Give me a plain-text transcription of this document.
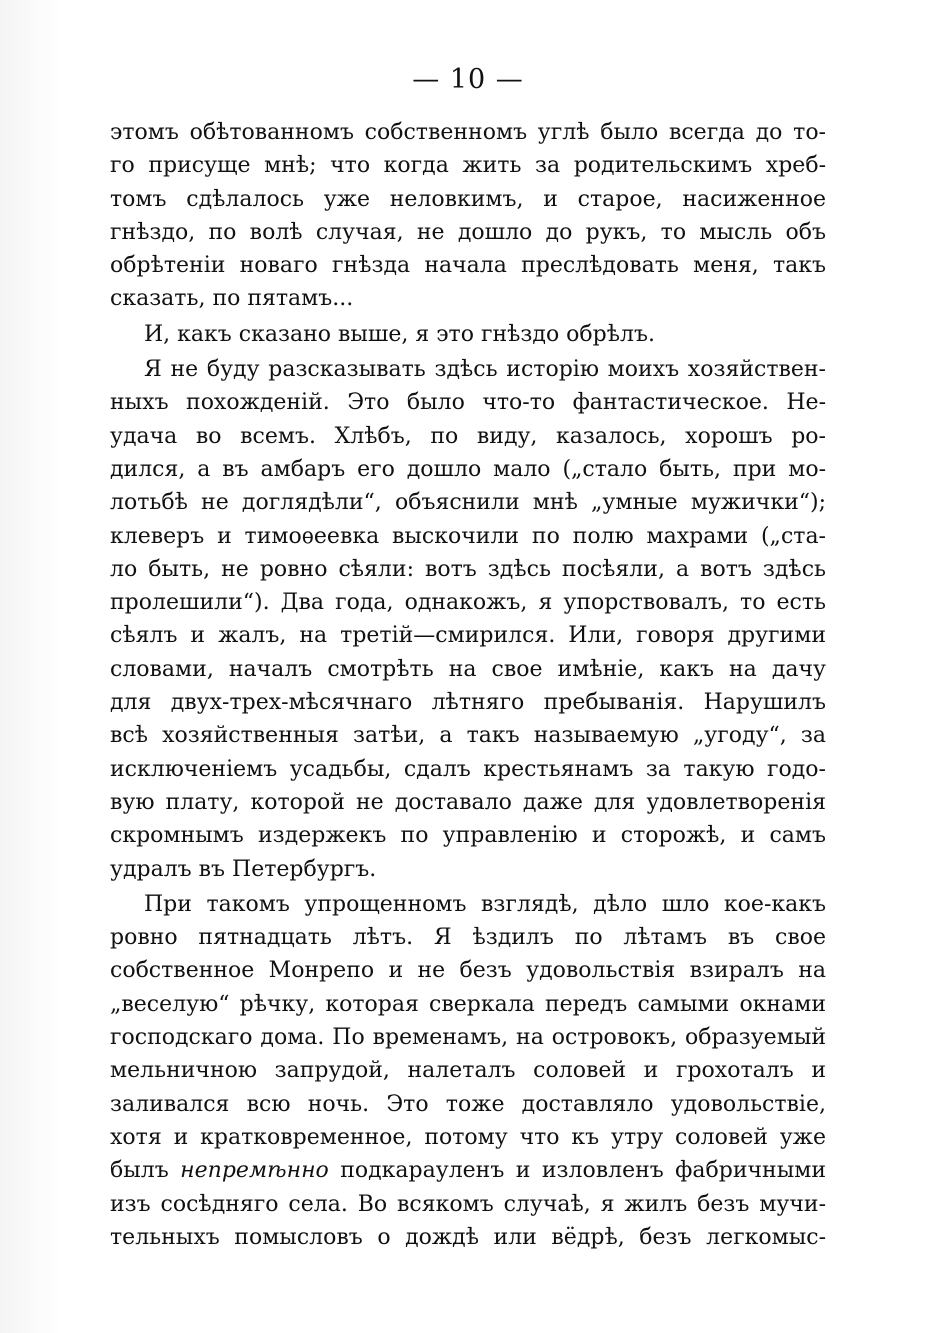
— 10 —
этомъ обѣтованномъ собственномъ углѣ было всегда до то-
го присуще мнѣ; что когда жить за родительскимъ хреб-
томъ сдѣлалось уже неловкимъ, и старое, насиженное
гнѣздо, по волѣ случая, не дошло до рукъ, то мысль объ
обрѣтеніи новаго гнѣзда начала преслѣдовать меня, такъ
сказать, по пятамъ...
И, какъ сказано выше, я это гнѣздо обрѣлъ.
Я не буду разсказывать здѣсь исторію моихъ хозяйствен-
ныхъ похожденій. Это было что-то фантастическое. Не-
удача во всемъ. Хлѣбъ, по виду, казалось, хорошъ ро-
дился, а въ амбаръ его дошло мало („стало быть, при мо-
лотьбѣ не доглядѣли“, объяснили мнѣ „умные мужички“);
клеверъ и тимоѳеевка выскочили по полю махрами („ста-
ло быть, не ровно сѣяли: вотъ здѣсь посѣяли, а вотъ здѣсь
пролешили“). Два года, однакожъ, я упорствовалъ, то есть
сѣялъ и жалъ, на третій—смирился. Или, говоря другими
словами, началъ смотрѣть на свое имѣніе, какъ на дачу
для двух-трех-мѣсячнаго лѣтняго пребыванія. Нарушилъ
всѣ хозяйственныя затѣи, а такъ называемую „угоду“, за
исключеніемъ усадьбы, сдалъ крестьянамъ за такую годо-
вую плату, которой не доставало даже для удовлетворенія
скромнымъ издержекъ по управленію и сторожѣ, и самъ
удралъ въ Петербургъ.
При такомъ упрощенномъ взглядѣ, дѣло шло кое-какъ
ровно пятнадцать лѣтъ. Я ѣздилъ по лѣтамъ въ свое
собственное Монрепо и не безъ удовольствія взиралъ на
„веселую“ рѣчку, которая сверкала передъ самыми окнами
господскаго дома. По временамъ, на островокъ, образуемый
мельничною запрудой, налеталъ соловей и грохоталъ и
заливался всю ночь. Это тоже доставляло удовольствіе,
хотя и кратковременное, потому что къ утру соловей уже
былъ непремѣнно подкарауленъ и изловленъ фабричными
изъ сосѣдняго села. Во всякомъ случаѣ, я жилъ безъ мучи-
тельныхъ помысловъ о дождѣ или вёдрѣ, безъ легкомыс-
